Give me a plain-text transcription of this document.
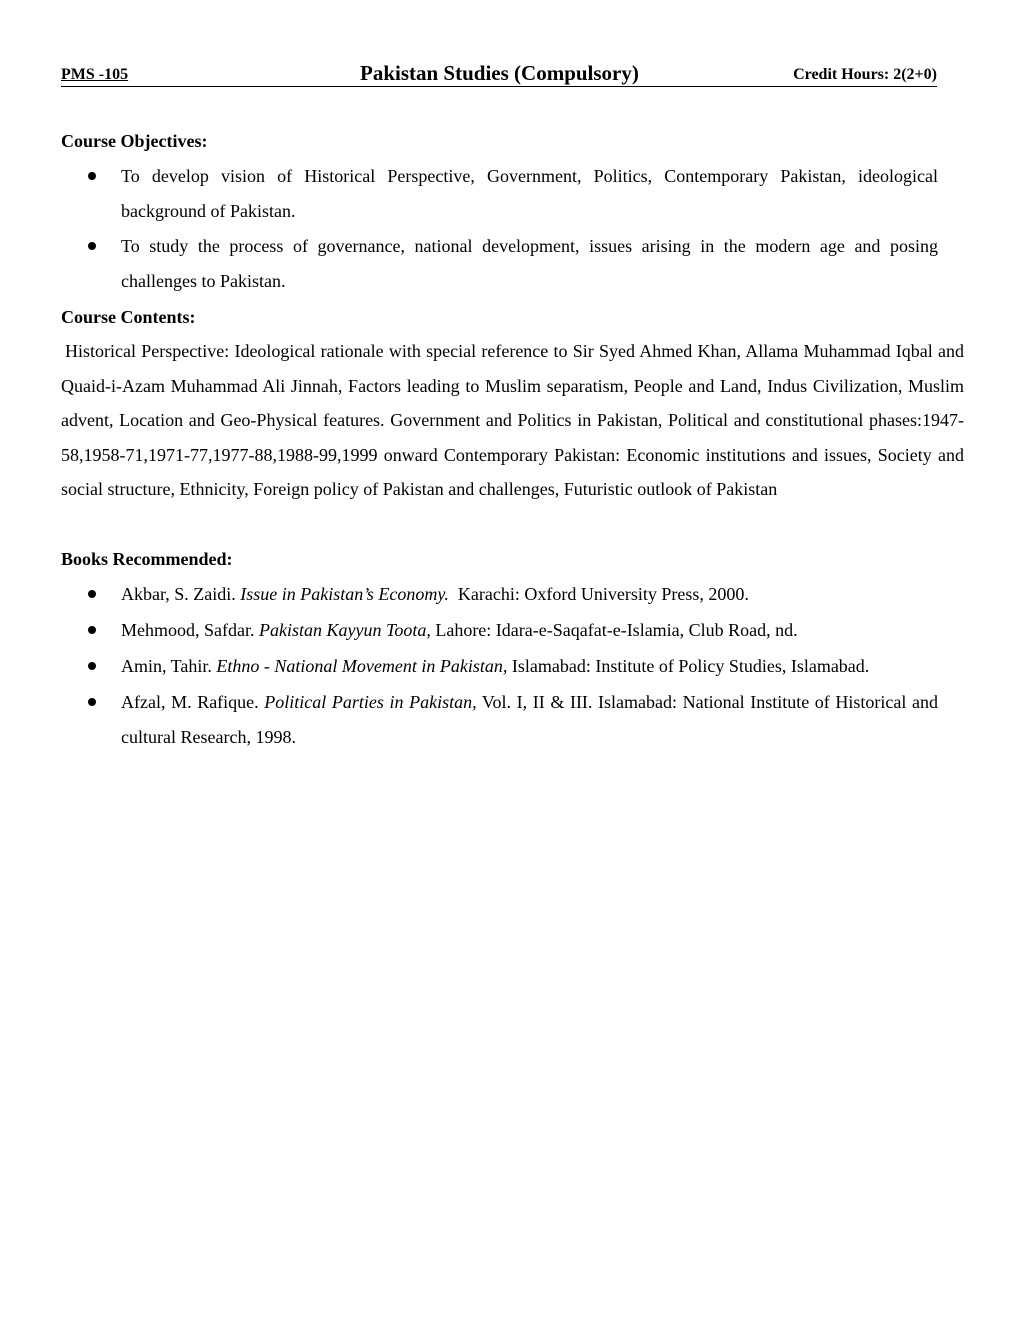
PMS -105	Pakistan Studies (Compulsory)	Credit Hours: 2(2+0)
Course Objectives:
To develop vision of Historical Perspective, Government, Politics, Contemporary Pakistan, ideological background of Pakistan.
To study the process of governance, national development, issues arising in the modern age and posing challenges to Pakistan.
Course Contents:
Historical Perspective: Ideological rationale with special reference to Sir Syed Ahmed Khan, Allama Muhammad Iqbal and Quaid-i-Azam Muhammad Ali Jinnah, Factors leading to Muslim separatism, People and Land, Indus Civilization, Muslim advent, Location and Geo-Physical features. Government and Politics in Pakistan, Political and constitutional phases:1947-58,1958-71,1971-77,1977-88,1988-99,1999 onward Contemporary Pakistan: Economic institutions and issues, Society and social structure, Ethnicity, Foreign policy of Pakistan and challenges, Futuristic outlook of Pakistan
Books Recommended:
Akbar, S. Zaidi. Issue in Pakistan’s Economy. Karachi: Oxford University Press, 2000.
Mehmood, Safdar. Pakistan Kayyun Toota, Lahore: Idara-e-Saqafat-e-Islamia, Club Road, nd.
Amin, Tahir. Ethno - National Movement in Pakistan, Islamabad: Institute of Policy Studies, Islamabad.
Afzal, M. Rafique. Political Parties in Pakistan, Vol. I, II & III. Islamabad: National Institute of Historical and cultural Research, 1998.
